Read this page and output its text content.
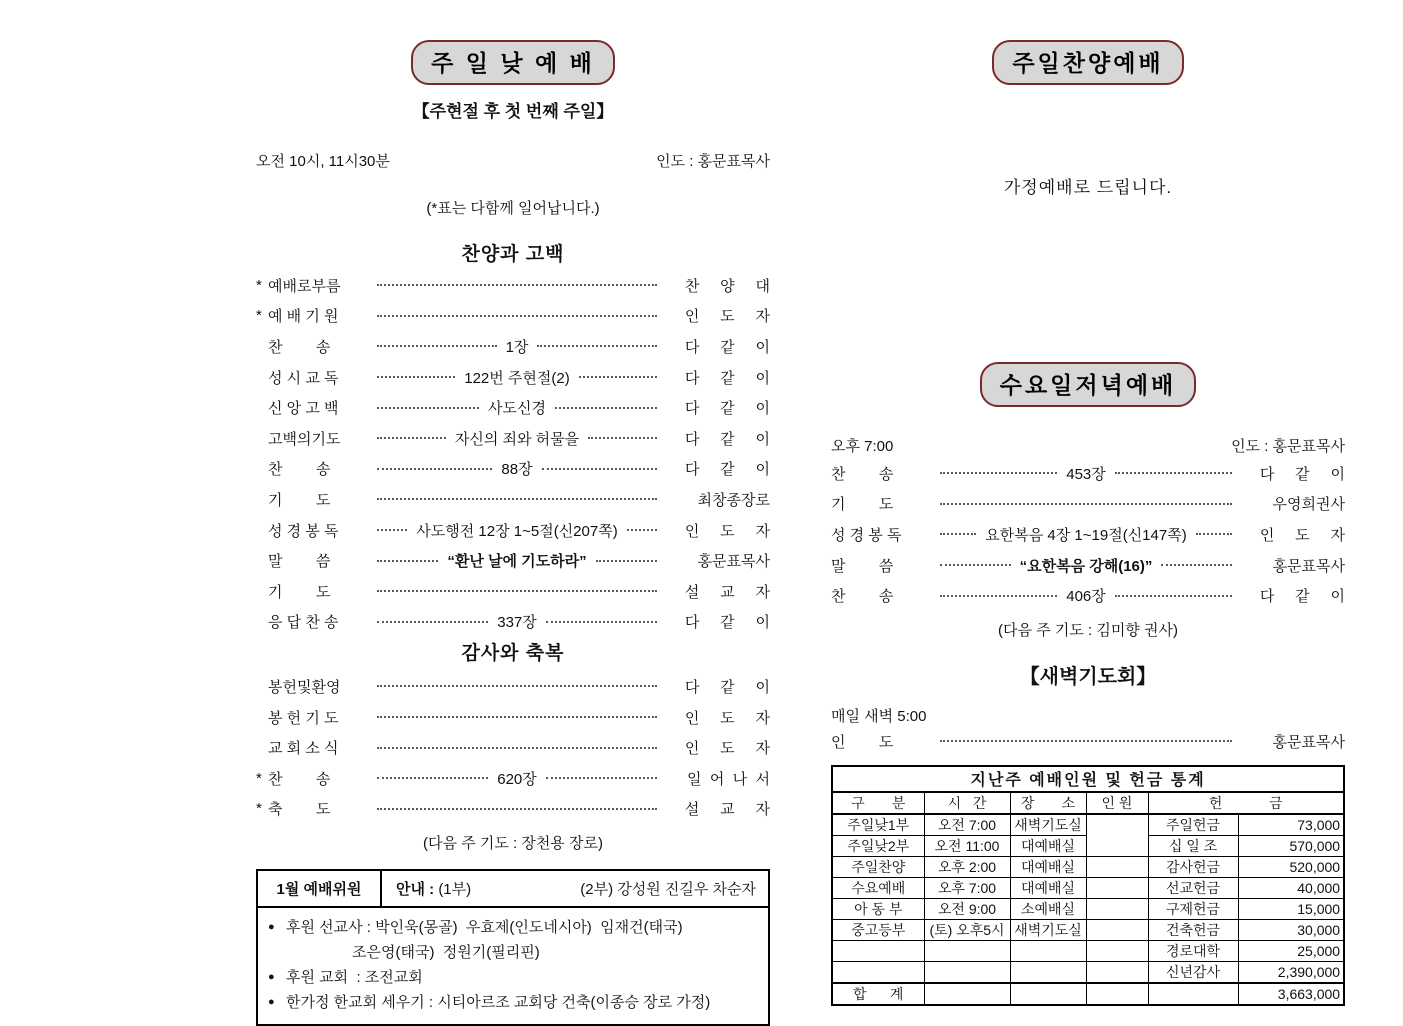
주 일 낮 예 배
【주현절 후 첫 번째 주일】
오전 10시, 11시30분	인도 : 홍문표목사
(*표는 다함께 일어납니다.)
찬양과 고백
* 예배로부름	찬     양     대
* 예 배 기 원	인     도     자
찬        송	1장	다     같     이
성 시 교 독	122번 주현절(2)	다     같     이
신 앙 고 백	사도신경	다     같     이
고백의기도	자신의 죄와 허물을	다     같     이
찬        송	88장	다     같     이
기        도	최창종장로
성 경 봉 독	사도행전 12장 1~5절(신207쪽)	인     도     자
말        씀	“환난 날에 기도하라”	홍문표목사
기        도	설     교     자
응 답 찬 송	337장	다     같     이
감사와 축복
봉헌및환영	다     같     이
봉 헌 기 도	인     도     자
교 회 소 식	인     도     자
* 찬        송	620장	일  어  나  서
* 축        도	설     교     자
(다음 주 기도 : 장천용 장로)
1월 예배위원	안내 : (1부)	(2부) 강성원 진길우 차순자
● 후원 선교사 : 박인욱(몽골)  우효제(인도네시아)  임재건(태국)
조은영(태국)  정원기(필리핀)
● 후원 교회  : 조전교회
● 한가정 한교회 세우기 : 시티아르조 교회당 건축(이종승 장로 가정)
주일찬양예배
가정예배로 드립니다.
수요일저녁예배
오후 7:00	인도 : 홍문표목사
찬        송	453장	다     같     이
기        도	우영희권사
성 경 봉 독	요한복음 4장 1~19절(신147쪽)	인     도     자
말        씀	“요한복음 강해(16)”	홍문표목사
찬        송	406장	다     같     이
(다음 주 기도 : 김미향 권사)
【새벽기도회】
매일 새벽 5:00
인        도	홍문표목사
지난주 예배인원 및 헌금 통계					
구       분	시   간	장       소	인 원	헌            금	
주일낮1부	오전 7:00	새벽기도실		주일헌금	73,000
주일낮2부	오전 11:00	대예배실		십 일 조	570,000
주일찬양	오후 2:00	대예배실		감사헌금	520,000
수요예배	오후 7:00	대예배실		선교헌금	40,000
아 동 부	오전 9:00	소예배실		구제헌금	15,000
중고등부	(토) 오후5시	새벽기도실		건축헌금	30,000
				경로대학	25,000
				신년감사	2,390,000
합      계					3,663,000
